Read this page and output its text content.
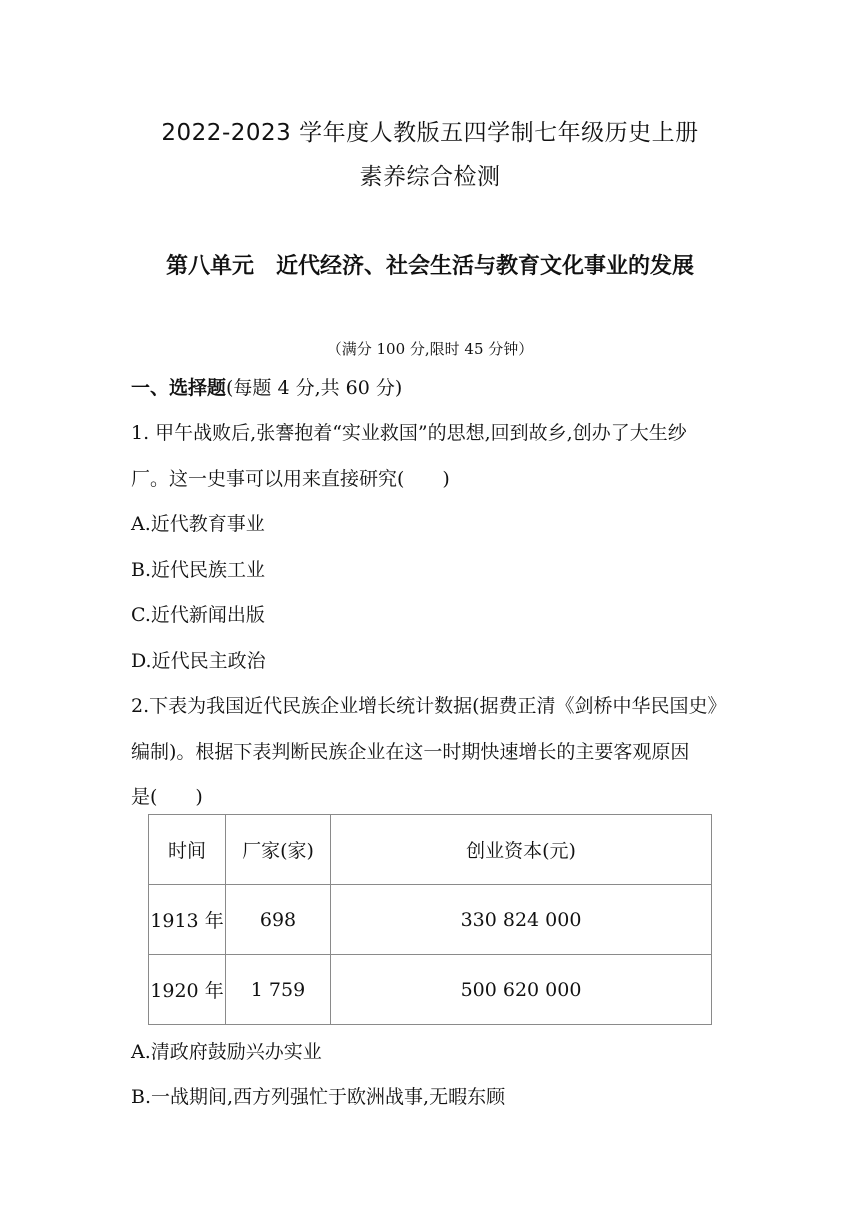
2022-2023 学年度人教版五四学制七年级历史上册
素养综合检测
第八单元　近代经济、社会生活与教育文化事业的发展
（满分 100 分,限时 45 分钟）
一、选择题(每题 4 分,共 60 分)
1. 甲午战败后,张謇抱着“实业救国”的思想,回到故乡,创办了大生纱
厂。这一史事可以用来直接研究(　　)
A.近代教育事业
B.近代民族工业
C.近代新闻出版
D.近代民主政治
2.下表为我国近代民族企业增长统计数据(据费正清《剑桥中华民国史》
编制)。根据下表判断民族企业在这一时期快速增长的主要客观原因
是(　　)
时间	厂家(家)	创业资本(元)
1913 年	698	330 824 000
1920 年	1 759	500 620 000
A.清政府鼓励兴办实业
B.一战期间,西方列强忙于欧洲战事,无暇东顾
